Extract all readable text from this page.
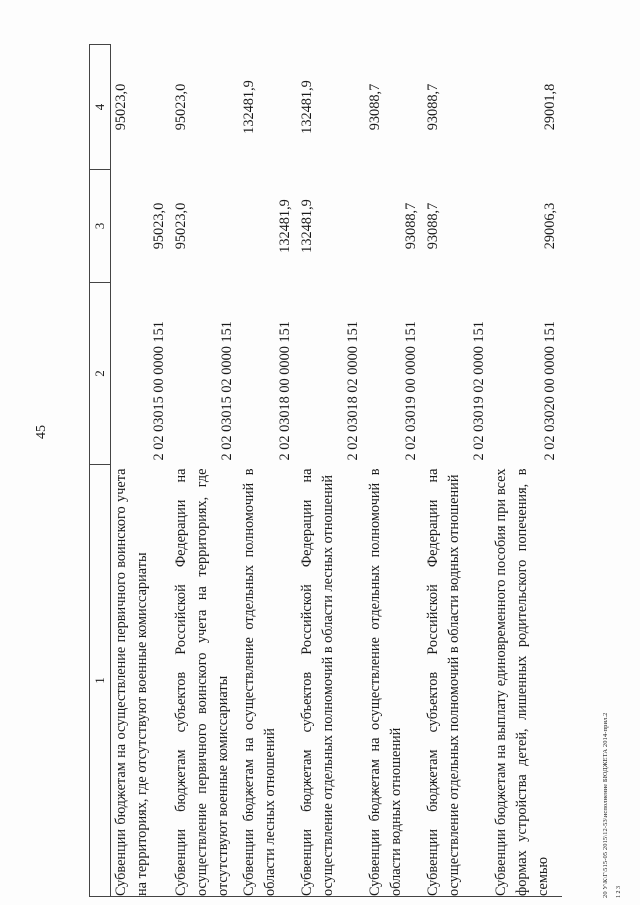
45
1	2	3	4
Субвенции бюджетам на осуществление первичного воинского учета на территориях, где отсутствуют военные комиссариаты	2 02 03015 00 0000 151	95023,0	95023,0
Субвенции бюджетам субъектов Российской Федерации на осуществление первичного воинского учета на территориях, где отсутствуют военные комиссариаты	2 02 03015 02 0000 151	95023,0	95023,0
Субвенции бюджетам на осуществление отдельных полномочий в области лесных отношений	2 02 03018 00 0000 151	132481,9	132481,9
Субвенции бюджетам субъектов Российской Федерации на осуществление отдельных полномочий в области лесных отношений	2 02 03018 02 0000 151	132481,9	132481,9
Субвенции бюджетам на осуществление отдельных полномочий в области водных отношений	2 02 03019 00 0000 151	93088,7	93088,7
Субвенции бюджетам субъектов Российской Федерации на осуществление отдельных полномочий в области водных отношений	2 02 03019 02 0000 151	93088,7	93088,7
Субвенции бюджетам на выплату единовременного пособия при всех формах устройства детей, лишенных родительского попечения, в семью	2 02 03020 00 0000 151	29006,3	29001,8
20 У\К\Г\515-05 2015\12-53\исполнение БЮДЖЕТА 2014-прил.2 1 2 3
